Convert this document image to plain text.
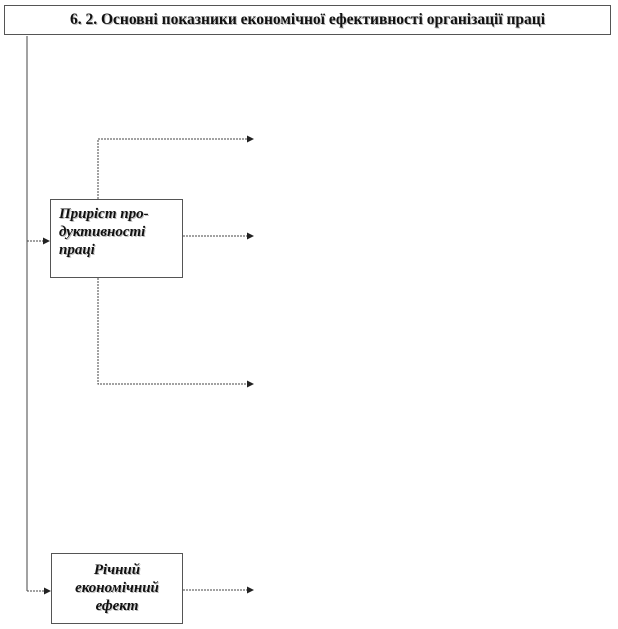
6. 2. Основні показники економічної ефективності організації праці
Приріст про-
дуктивності
праці
Річний
економічний
ефект
